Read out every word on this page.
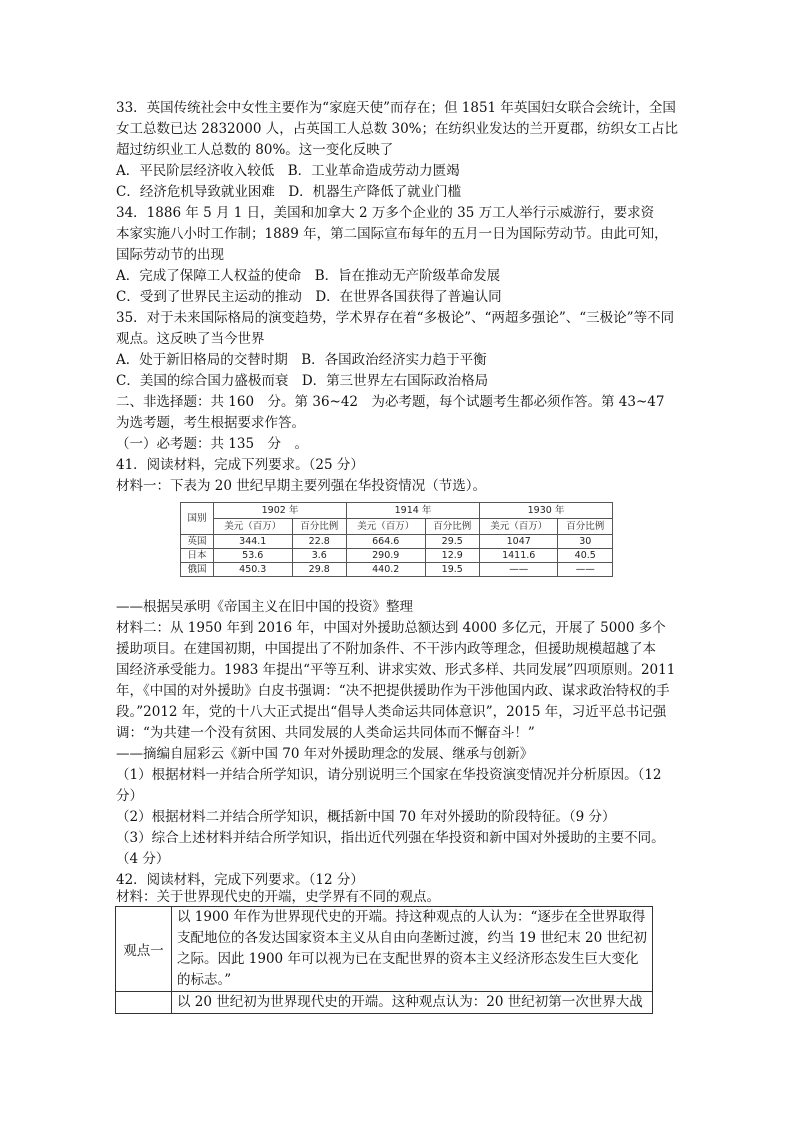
33．英国传统社会中女性主要作为“家庭天使”而存在；但 1851 年英国妇女联合会统计，全国
女工总数已达 2832000 人，占英国工人总数 30%；在纺织业发达的兰开夏郡，纺织女工占比
超过纺织业工人总数的 80%。这一变化反映了
A．平民阶层经济收入较低　B．工业革命造成劳动力匮竭
C．经济危机导致就业困难　D．机器生产降低了就业门槛
34．1886 年 5 月 1 日，美国和加拿大 2 万多个企业的 35 万工人举行示威游行，要求资
本家实施八小时工作制；1889 年，第二国际宣布每年的五月一日为国际劳动节。由此可知，
国际劳动节的出现
A．完成了保障工人权益的使命　B．旨在推动无产阶级革命发展
C．受到了世界民主运动的推动　D．在世界各国获得了普遍认同
35．对于未来国际格局的演变趋势，学术界存在着“多极论”、“两超多强论”、“三极论”等不同
观点。这反映了当今世界
A．处于新旧格局的交替时期　B．各国政治经济实力趋于平衡
C．美国的综合国力盛极而衰　D．第三世界左右国际政治格局
二、非选择题：共 160　分。第 36~42　为必考题，每个试题考生都必须作答。第 43~47
为选考题，考生根据要求作答。
（一）必考题：共 135　分　。
41．阅读材料，完成下列要求。（25 分）
材料一：下表为 20 世纪早期主要列强在华投资情况（节选）。
国别	1902 年		1914 年		1930 年	
	美元（百万）	百分比例	美元（百万）	百分比例	美元（百万）	百分比例
英国	344.1	22.8	664.6	29.5	1047	30
日本	53.6	3.6	290.9	12.9	1411.6	40.5
俄国	450.3	29.8	440.2	19.5	——	——
——根据吴承明《帝国主义在旧中国的投资》整理
材料二：从 1950 年到 2016 年，中国对外援助总额达到 4000 多亿元，开展了 5000 多个
援助项目。在建国初期，中国提出了不附加条件、不干涉内政等理念，但援助规模超越了本
国经济承受能力。1983 年提出“平等互利、讲求实效、形式多样、共同发展”四项原则。2011
年，《中国的对外援助》白皮书强调：“决不把提供援助作为干涉他国内政、谋求政治特权的手
段。”2012 年，党的十八大正式提出“倡导人类命运共同体意识”，2015 年，习近平总书记强
调：“为共建一个没有贫困、共同发展的人类命运共同体而不懈奋斗！”
——摘编自屈彩云《新中国 70 年对外援助理念的发展、继承与创新》
（1）根据材料一并结合所学知识，请分别说明三个国家在华投资演变情况并分析原因。（12
分）
（2）根据材料二并结合所学知识，概括新中国 70 年对外援助的阶段特征。（9 分）
（3）综合上述材料并结合所学知识，指出近代列强在华投资和新中国对外援助的主要不同。
（4 分）
42．阅读材料，完成下列要求。（12 分）
材料：关于世界现代史的开端，史学界有不同的观点。
观点一	以 1900 年作为世界现代史的开端。持这种观点的人认为：“逐步在全世界取得支配地位的各发达国家资本主义从自由向垄断过渡，约当 19 世纪末 20 世纪初之际。因此 1900 年可以视为已在支配世界的资本主义经济形态发生巨大变化的标志。”

	以 20 世纪初为世界现代史的开端。这种观点认为：20 世纪初第一次世界大战
